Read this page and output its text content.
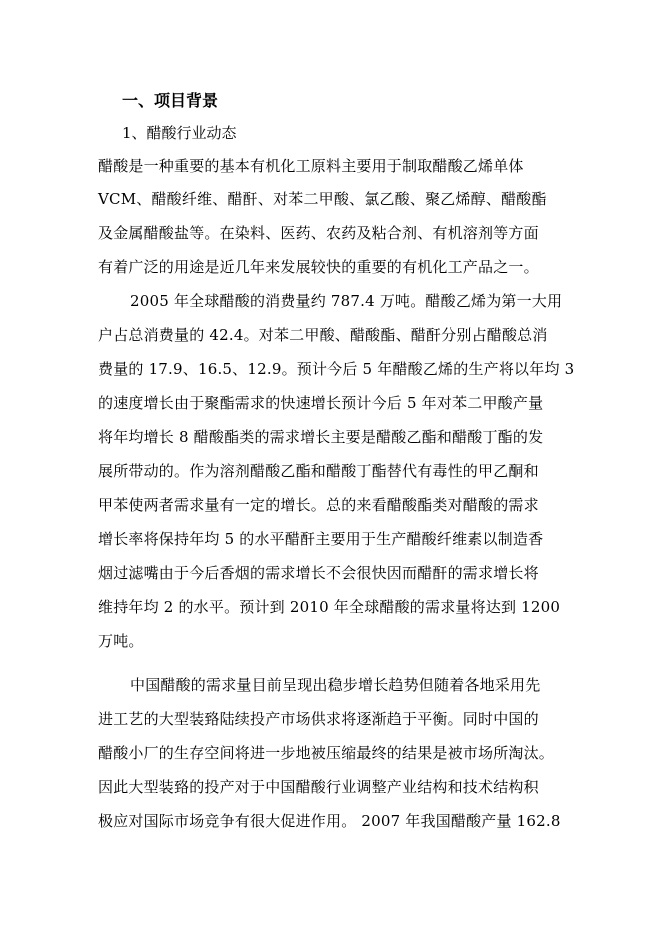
一、项目背景
1、醋酸行业动态
醋酸是一种重要的基本有机化工原料主要用于制取醋酸乙烯单体
VCM、醋酸纤维、醋酐、对苯二甲酸、氯乙酸、聚乙烯醇、醋酸酯
及金属醋酸盐等。在染料、医药、农药及粘合剂、有机溶剂等方面
有着广泛的用途是近几年来发展较快的重要的有机化工产品之一。
2005 年全球醋酸的消费量约 787.4 万吨。醋酸乙烯为第一大用
户占总消费量的 42.4。对苯二甲酸、醋酸酯、醋酐分别占醋酸总消
费量的 17.9、16.5、12.9。预计今后 5 年醋酸乙烯的生产将以年均 3
的速度增长由于聚酯需求的快速增长预计今后 5 年对苯二甲酸产量
将年均增长 8 醋酸酯类的需求增长主要是醋酸乙酯和醋酸丁酯的发
展所带动的。作为溶剂醋酸乙酯和醋酸丁酯替代有毒性的甲乙酮和
甲苯使两者需求量有一定的增长。总的来看醋酸酯类对醋酸的需求
增长率将保持年均 5 的水平醋酐主要用于生产醋酸纤维素以制造香
烟过滤嘴由于今后香烟的需求增长不会很快因而醋酐的需求增长将
维持年均 2 的水平。预计到 2010 年全球醋酸的需求量将达到 1200
万吨。
中国醋酸的需求量目前呈现出稳步增长趋势但随着各地采用先
进工艺的大型装臵陆续投产市场供求将逐渐趋于平衡。同时中国的
醋酸小厂的生存空间将进一步地被压缩最终的结果是被市场所淘汰。
因此大型装臵的投产对于中国醋酸行业调整产业结构和技术结构积
极应对国际市场竞争有很大促进作用。 2007 年我国醋酸产量 162.8
